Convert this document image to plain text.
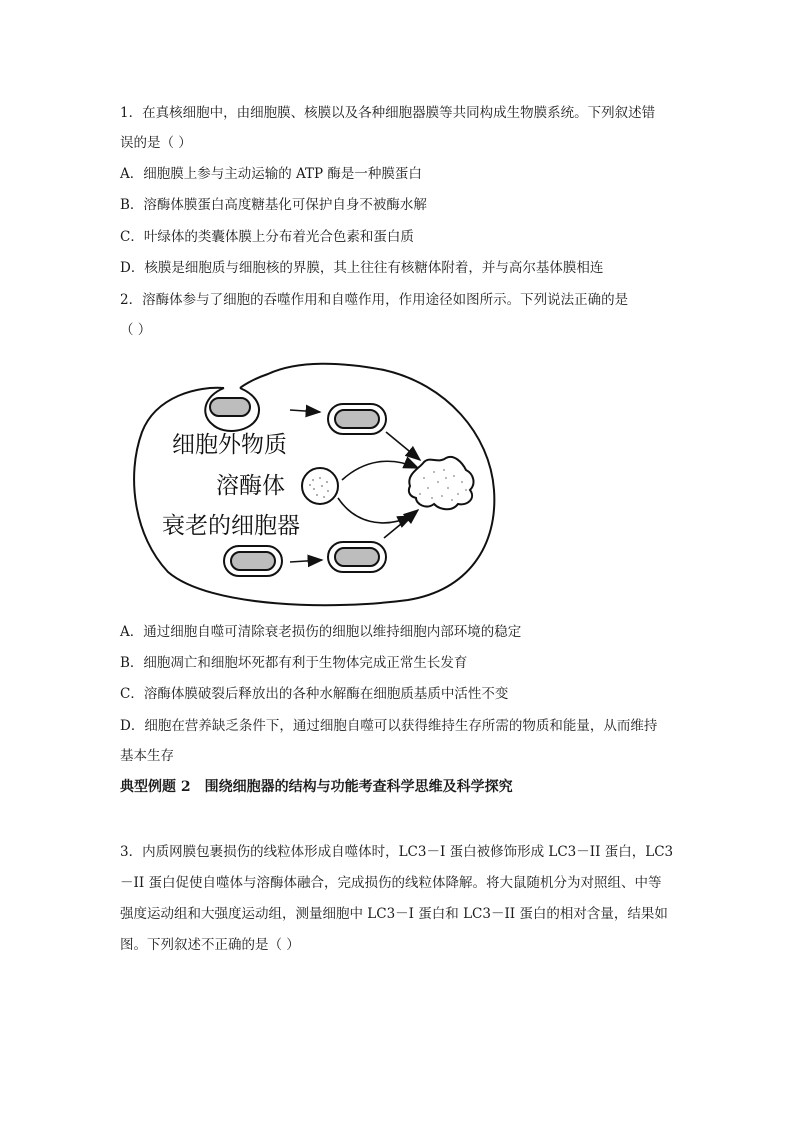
1．在真核细胞中，由细胞膜、核膜以及各种细胞器膜等共同构成生物膜系统。下列叙述错
误的是（ ）
A．细胞膜上参与主动运输的 ATP 酶是一种膜蛋白
B．溶酶体膜蛋白高度糖基化可保护自身不被酶水解
C．叶绿体的类囊体膜上分布着光合色素和蛋白质
D．核膜是细胞质与细胞核的界膜，其上往往有核糖体附着，并与高尔基体膜相连
2．溶酶体参与了细胞的吞噬作用和自噬作用，作用途径如图所示。下列说法正确的是
（ ）
细胞外物质
溶酶体
衰老的细胞器
A．通过细胞自噬可清除衰老损伤的细胞以维持细胞内部环境的稳定
B．细胞凋亡和细胞坏死都有利于生物体完成正常生长发育
C．溶酶体膜破裂后释放出的各种水解酶在细胞质基质中活性不变
D．细胞在营养缺乏条件下，通过细胞自噬可以获得维持生存所需的物质和能量，从而维持
基本生存
典型例题 2　围绕细胞器的结构与功能考查科学思维及科学探究
3．内质网膜包裹损伤的线粒体形成自噬体时，LC3－I 蛋白被修饰形成 LC3－II 蛋白，LC3
－II 蛋白促使自噬体与溶酶体融合，完成损伤的线粒体降解。将大鼠随机分为对照组、中等
强度运动组和大强度运动组，测量细胞中 LC3－I 蛋白和 LC3－II 蛋白的相对含量，结果如
图。下列叙述不正确的是（ ）
